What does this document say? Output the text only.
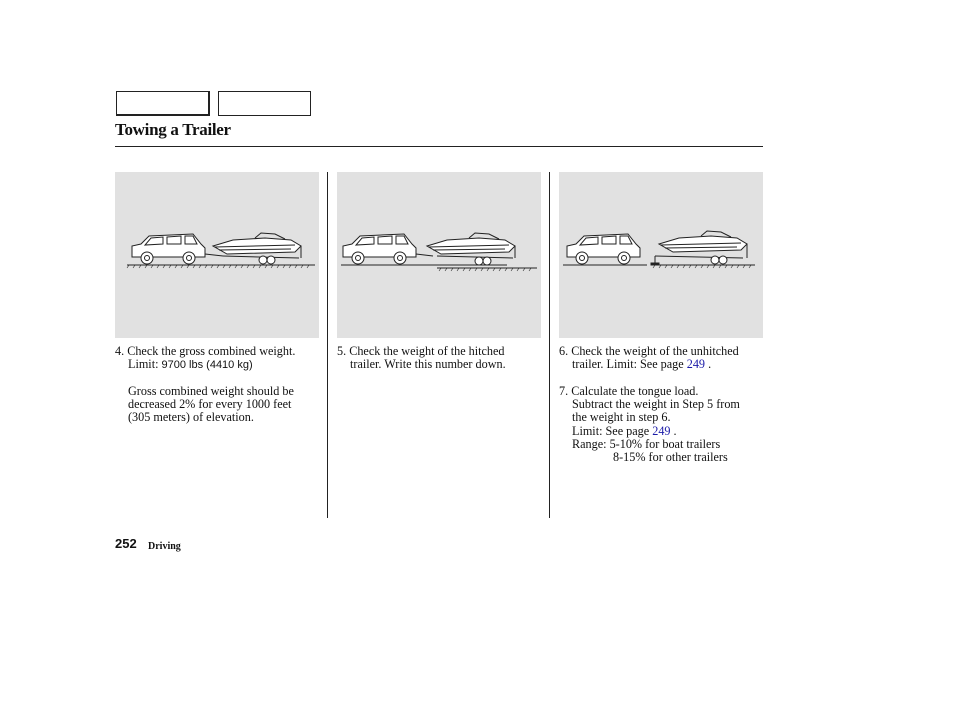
Towing a Trailer
4. Check the gross combined weight.
Limit: 9700 lbs (4410 kg)
Gross combined weight should be
decreased 2% for every 1000 feet
(305 meters) of elevation.
5. Check the weight of the hitched
trailer. Write this number down.
6. Check the weight of the unhitched
trailer. Limit: See page 249 .
7. Calculate the tongue load.
Subtract the weight in Step 5 from
the weight in step 6.
Limit: See page 249 .
Range: 5-10% for boat trailers
8-15% for other trailers
252 Driving
